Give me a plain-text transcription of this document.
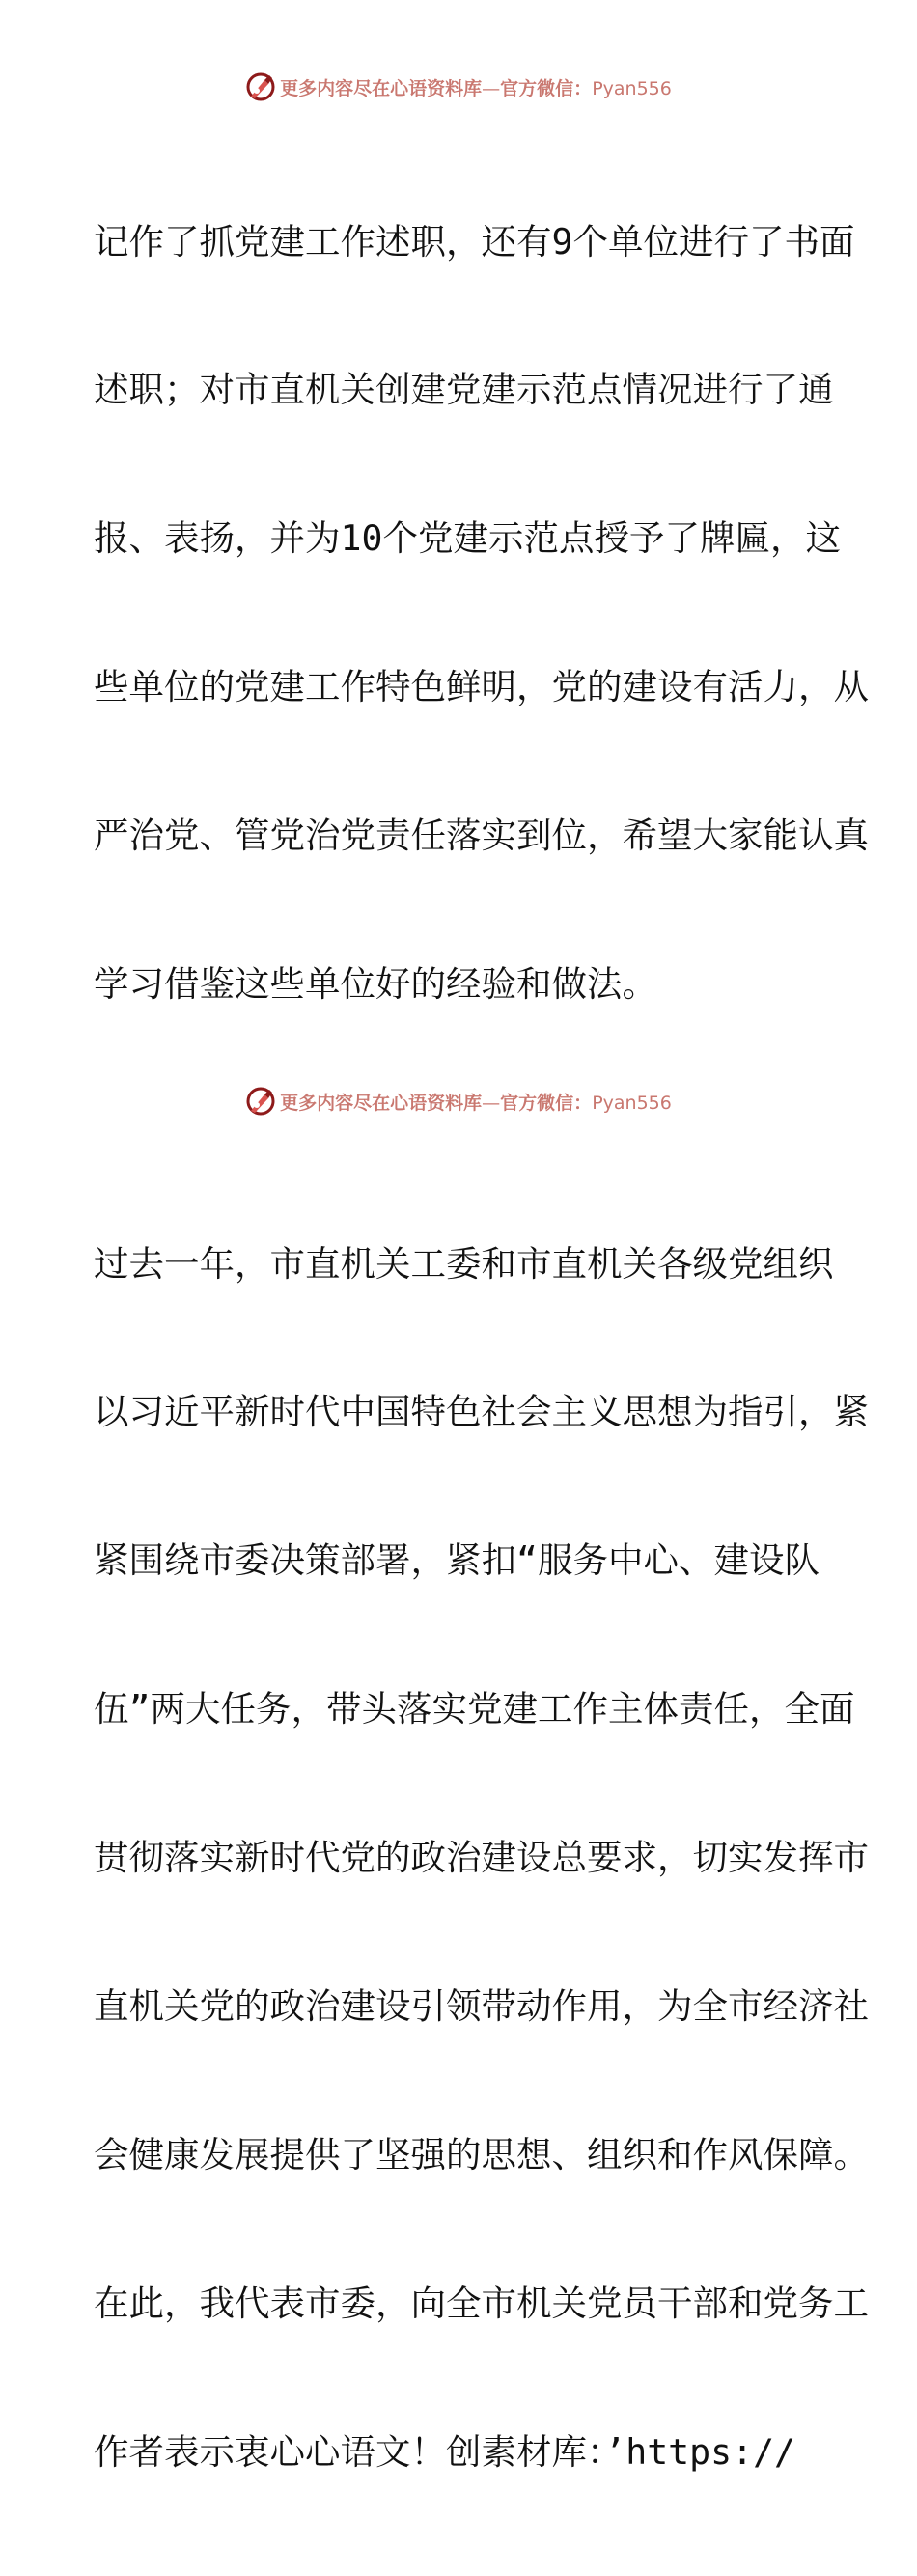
更多内容尽在心语资料库—官方微信：Pyan556

记作了抓党建工作述职，还有9个单位进行了书面

述职；对市直机关创建党建示范点情况进行了通

报、表扬，并为10个党建示范点授予了牌匾，这

些单位的党建工作特色鲜明，党的建设有活力，从

严治党、管党治党责任落实到位，希望大家能认真

学习借鉴这些单位好的经验和做法。

过去一年，市直机关工委和市直机关各级党组织

以习近平新时代中国特色社会主义思想为指引，紧

紧围绕市委决策部署，紧扣“服务中心、建设队

伍”两大任务，带头落实党建工作主体责任，全面

贯彻落实新时代党的政治建设总要求，切实发挥市

直机关党的政治建设引领带动作用，为全市经济社

会健康发展提供了坚强的思想、组织和作风保障。

在此，我代表市委，向全市机关党员干部和党务工

作者表示衷心心语文！创素材库：’https://

更多内容尽在心语资料库—官方微信：Pyan556
